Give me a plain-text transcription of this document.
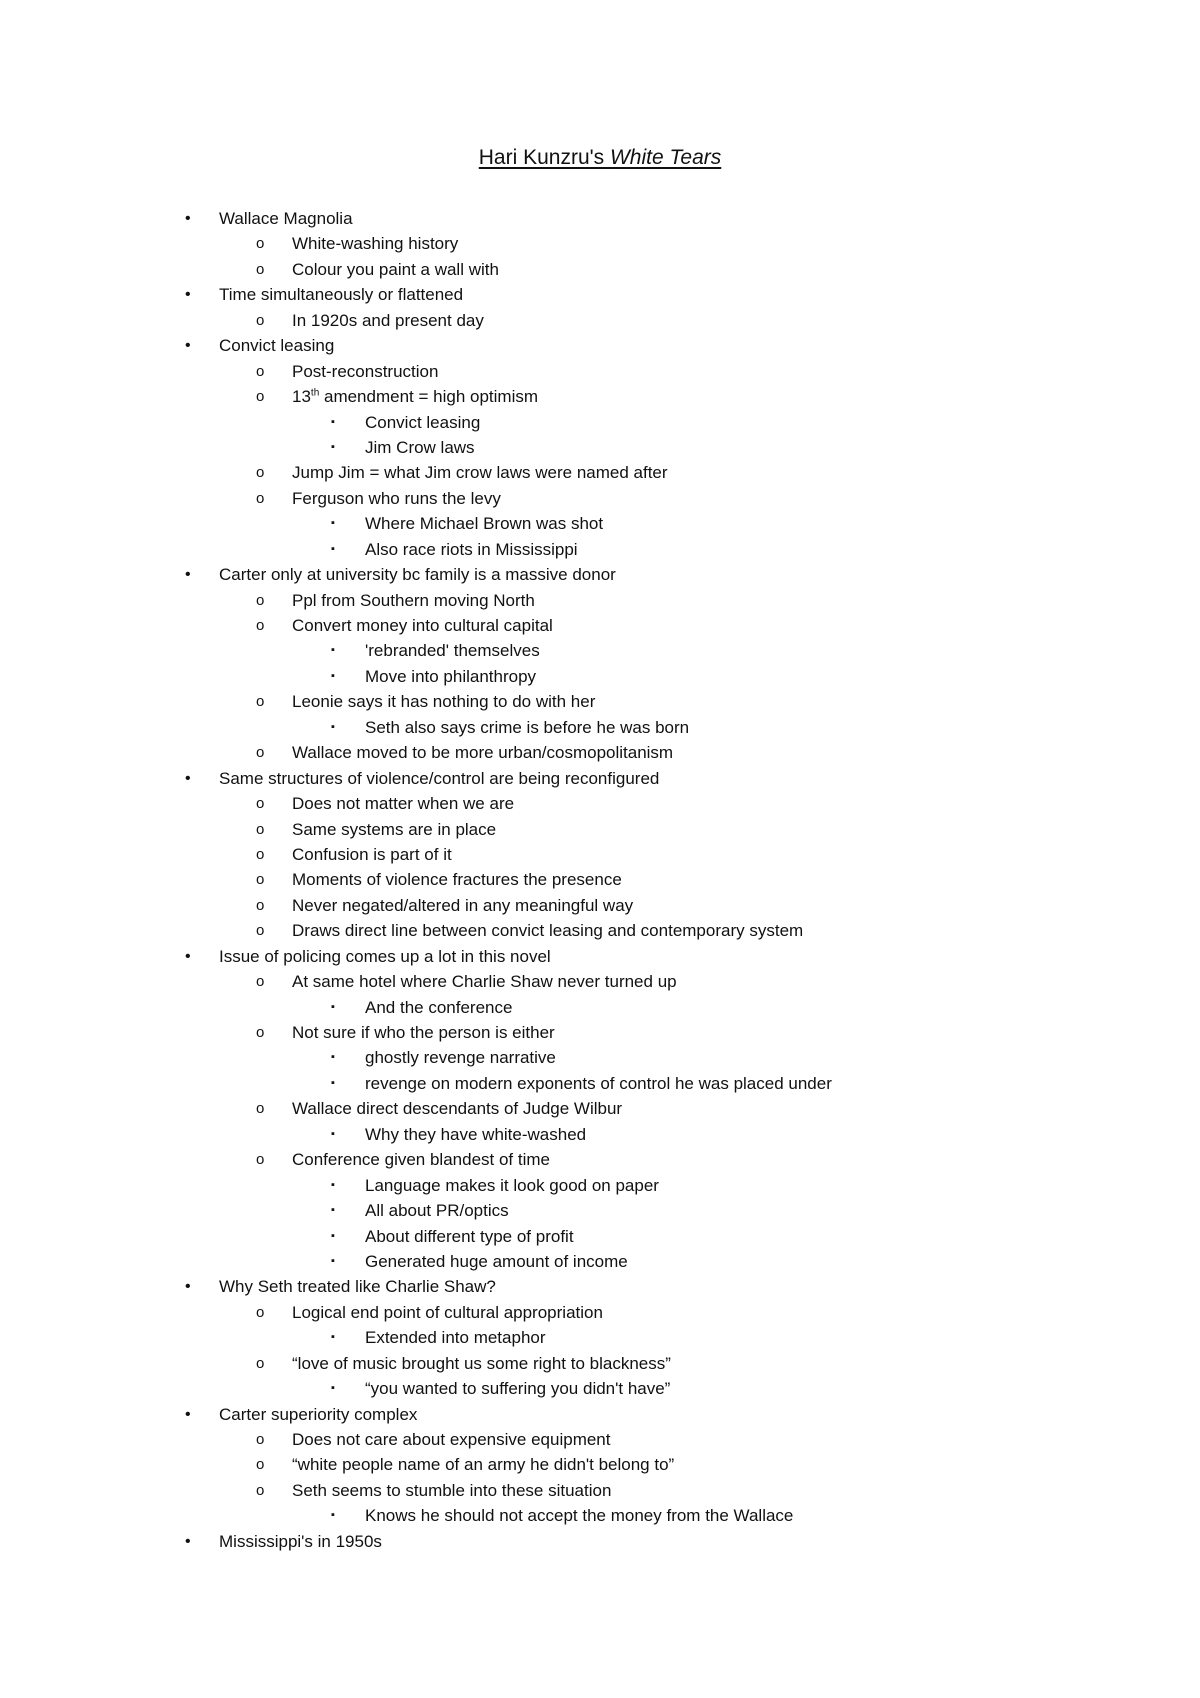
Hari Kunzru's White Tears
• Wallace Magnolia
o White-washing history
o Colour you paint a wall with
• Time simultaneously or flattened
o In 1920s and present day
• Convict leasing
o Post-reconstruction
o 13th amendment = high optimism
▪ Convict leasing
▪ Jim Crow laws
o Jump Jim = what Jim crow laws were named after
o Ferguson who runs the levy
▪ Where Michael Brown was shot
▪ Also race riots in Mississippi
• Carter only at university bc family is a massive donor
o Ppl from Southern moving North
o Convert money into cultural capital
▪ 'rebranded' themselves
▪ Move into philanthropy
o Leonie says it has nothing to do with her
▪ Seth also says crime is before he was born
o Wallace moved to be more urban/cosmopolitanism
• Same structures of violence/control are being reconfigured
o Does not matter when we are
o Same systems are in place
o Confusion is part of it
o Moments of violence fractures the presence
o Never negated/altered in any meaningful way
o Draws direct line between convict leasing and contemporary system
• Issue of policing comes up a lot in this novel
o At same hotel where Charlie Shaw never turned up
▪ And the conference
o Not sure if who the person is either
▪ ghostly revenge narrative
▪ revenge on modern exponents of control he was placed under
o Wallace direct descendants of Judge Wilbur
▪ Why they have white-washed
o Conference given blandest of time
▪ Language makes it look good on paper
▪ All about PR/optics
▪ About different type of profit
▪ Generated huge amount of income
• Why Seth treated like Charlie Shaw?
o Logical end point of cultural appropriation
▪ Extended into metaphor
o “love of music brought us some right to blackness”
▪ “you wanted to suffering you didn't have”
• Carter superiority complex
o Does not care about expensive equipment
o “white people name of an army he didn't belong to”
o Seth seems to stumble into these situation
▪ Knows he should not accept the money from the Wallace
• Mississippi's in 1950s
